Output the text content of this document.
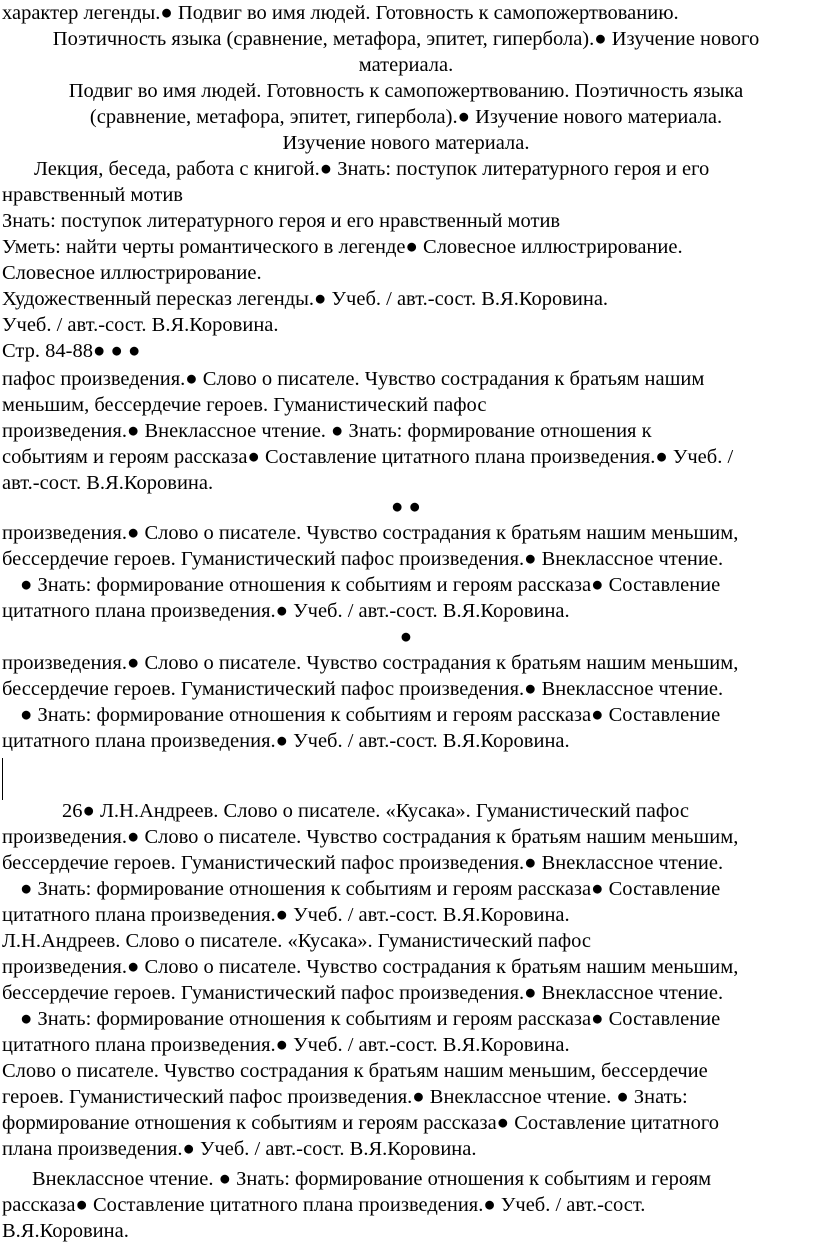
характер легенды.● Подвиг во имя людей. Готовность к самопожертвованию.
Поэтичность языка (сравнение, метафора, эпитет, гипербола).● Изучение нового
материала.
Подвиг во имя людей. Готовность к самопожертвованию. Поэтичность языка
(сравнение, метафора, эпитет, гипербола).● Изучение нового материала.
Изучение нового материала.
Лекция, беседа, работа с книгой.● Знать: поступок литературного героя и его
нравственный мотив
Знать: поступок литературного героя и его нравственный мотив
Уметь: найти черты романтического в легенде● Словесное иллюстрирование.
Словесное иллюстрирование.
Художественный пересказ легенды.● Учеб. / авт.-сост. В.Я.Коровина.
Учеб. / авт.-сост. В.Я.Коровина.
Стр. 84-88● ● ●
пафос произведения.● Слово о писателе. Чувство сострадания к братьям нашим
меньшим, бессердечие героев. Гуманистический пафос
произведения.● Внеклассное чтение. ● Знать: формирование отношения к
событиям и героям рассказа● Составление цитатного плана произведения.● Учеб. /
авт.-сост. В.Я.Коровина.
● ●
произведения.● Слово о писателе. Чувство сострадания к братьям нашим меньшим,
бессердечие героев. Гуманистический пафос произведения.● Внеклассное чтение.
● Знать: формирование отношения к событиям и героям рассказа● Составление
цитатного плана произведения.● Учеб. / авт.-сост. В.Я.Коровина.
●
произведения.● Слово о писателе. Чувство сострадания к братьям нашим меньшим,
бессердечие героев. Гуманистический пафос произведения.● Внеклассное чтение.
● Знать: формирование отношения к событиям и героям рассказа● Составление
цитатного плана произведения.● Учеб. / авт.-сост. В.Я.Коровина.
26● Л.Н.Андреев. Слово о писателе. «Кусака». Гуманистический пафос
произведения.● Слово о писателе. Чувство сострадания к братьям нашим меньшим,
бессердечие героев. Гуманистический пафос произведения.● Внеклассное чтение.
● Знать: формирование отношения к событиям и героям рассказа● Составление
цитатного плана произведения.● Учеб. / авт.-сост. В.Я.Коровина.
Л.Н.Андреев. Слово о писателе. «Кусака». Гуманистический пафос
произведения.● Слово о писателе. Чувство сострадания к братьям нашим меньшим,
бессердечие героев. Гуманистический пафос произведения.● Внеклассное чтение.
● Знать: формирование отношения к событиям и героям рассказа● Составление
цитатного плана произведения.● Учеб. / авт.-сост. В.Я.Коровина.
Слово о писателе. Чувство сострадания к братьям нашим меньшим, бессердечие
героев. Гуманистический пафос произведения.● Внеклассное чтение. ● Знать:
формирование отношения к событиям и героям рассказа● Составление цитатного
плана произведения.● Учеб. / авт.-сост. В.Я.Коровина.
Внеклассное чтение. ● Знать: формирование отношения к событиям и героям
рассказа● Составление цитатного плана произведения.● Учеб. / авт.-сост.
В.Я.Коровина.
